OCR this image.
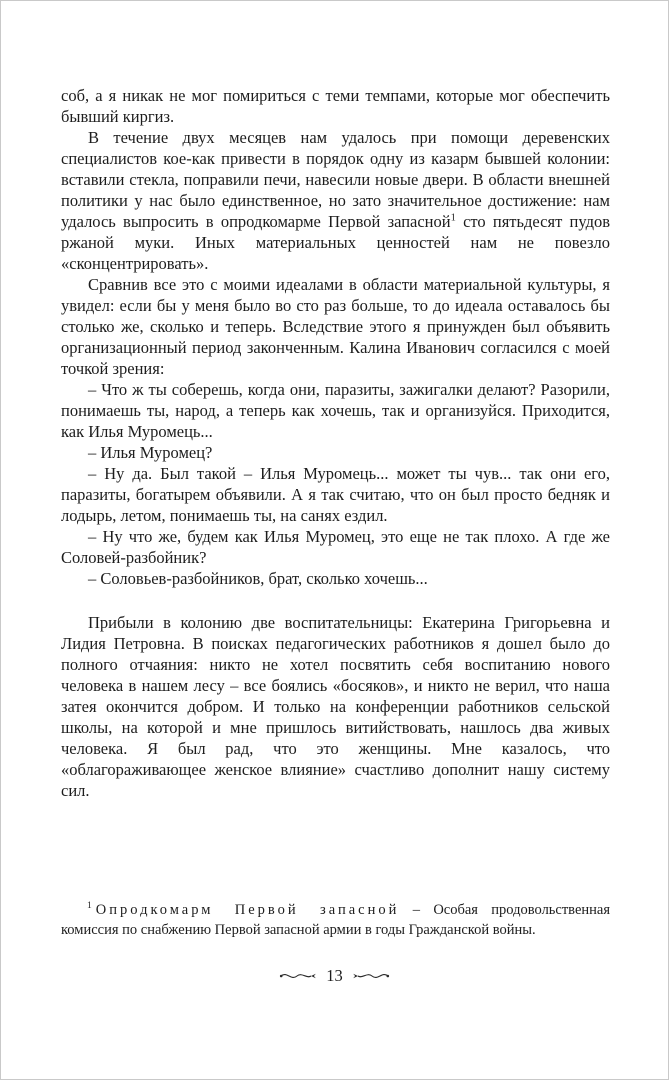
соб, а я никак не мог помириться с теми темпами, которые мог обеспечить бывший киргиз.

В течение двух месяцев нам удалось при помощи деревенских специалистов кое-как привести в порядок одну из казарм бывшей колонии: вставили стекла, поправили печи, навесили новые двери. В области внешней политики у нас было единственное, но зато значительное достижение: нам удалось выпросить в опродкомарме Первой запасной$^1$ сто пятьдесят пудов ржаной муки. Иных материальных ценностей нам не повезло «сконцентрировать».

Сравнив все это с моими идеалами в области материальной культуры, я увидел: если бы у меня было во сто раз больше, то до идеала оставалось бы столько же, сколько и теперь. Вследствие этого я принужден был объявить организационный период законченным. Калина Иванович согласился с моей точкой зрения:

– Что ж ты соберешь, когда они, паразиты, зажигалки делают? Разорили, понимаешь ты, народ, а теперь как хочешь, так и организуйся. Приходится, как Илья Муромець...

– Илья Муромец?

– Ну да. Был такой – Илья Муромець... может ты чув... так они его, паразиты, богатырем объявили. А я так считаю, что он был просто бедняк и лодырь, летом, понимаешь ты, на санях ездил.

– Ну что же, будем как Илья Муромец, это еще не так плохо. А где же Соловей-разбойник?

– Соловьев-разбойников, брат, сколько хочешь...

Прибыли в колонию две воспитательницы: Екатерина Григорьевна и Лидия Петровна. В поисках педагогических работников я дошел было до полного отчаяния: никто не хотел посвятить себя воспитанию нового человека в нашем лесу – все боялись «босяков», и никто не верил, что наша затея окончится добром. И только на конференции работников сельской школы, на которой и мне пришлось витийствовать, нашлось два живых человека. Я был рад, что это женщины. Мне казалось, что «облагораживающее женское влияние» счастливо дополнит нашу систему сил.

$^1$ Опродкомарм Первой запасной – Особая продовольственная комиссия по снабжению Первой запасной армии в годы Гражданской войны.
13
